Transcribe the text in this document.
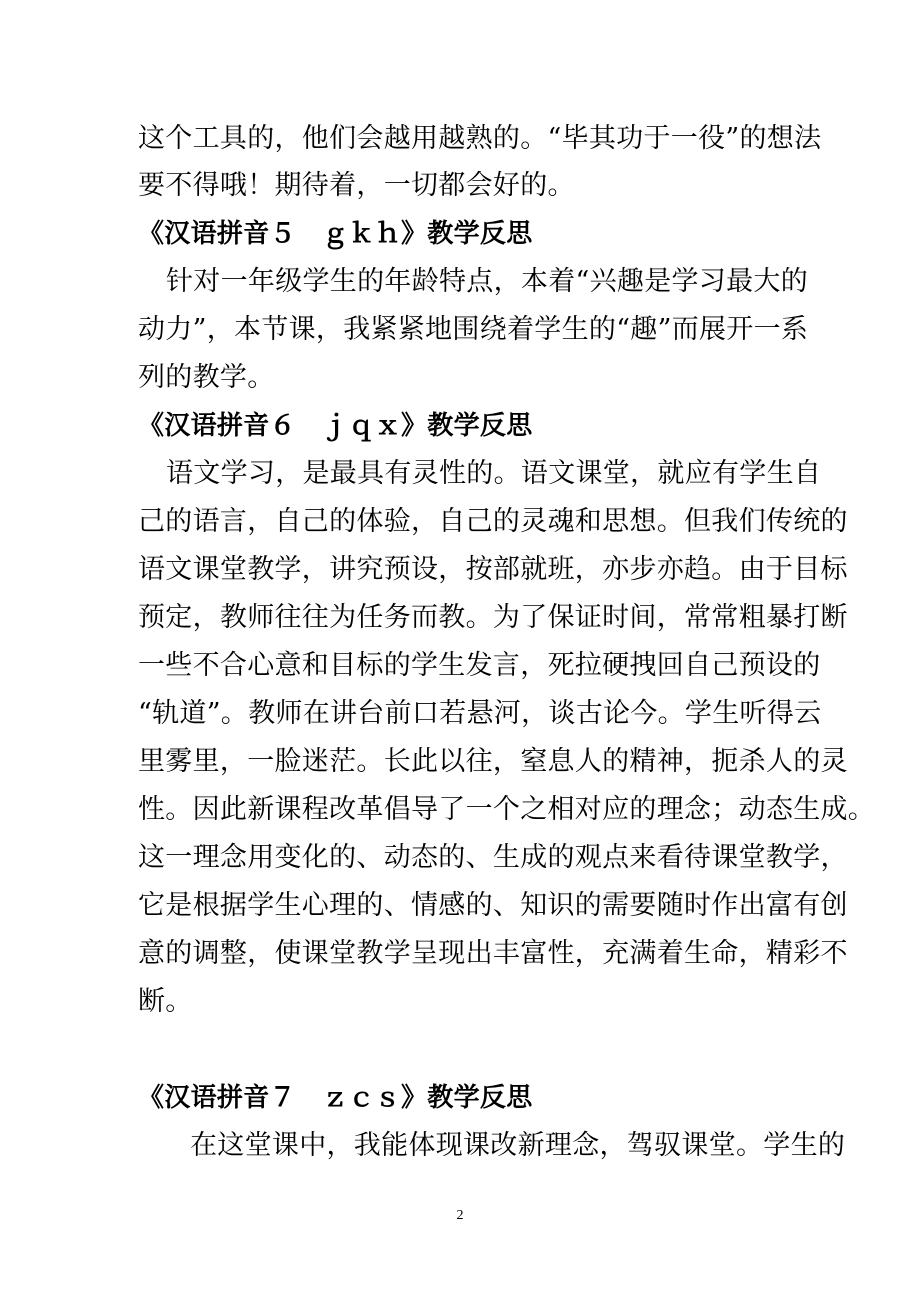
这个工具的，他们会越用越熟的。“毕其功于一役”的想法
要不得哦！期待着，一切都会好的。
《汉语拼音５　ｇｋｈ》教学反思
针对一年级学生的年龄特点，本着“兴趣是学习最大的
动力”，本节课，我紧紧地围绕着学生的“趣”而展开一系
列的教学。
《汉语拼音６　ｊｑｘ》教学反思
语文学习，是最具有灵性的。语文课堂，就应有学生自
己的语言，自己的体验，自己的灵魂和思想。但我们传统的
语文课堂教学，讲究预设，按部就班，亦步亦趋。由于目标
预定，教师往往为任务而教。为了保证时间，常常粗暴打断
一些不合心意和目标的学生发言，死拉硬拽回自己预设的
“轨道”。教师在讲台前口若悬河，谈古论今。学生听得云
里雾里，一脸迷茫。长此以往，窒息人的精神，扼杀人的灵
性。因此新课程改革倡导了一个之相对应的理念；动态生成。
这一理念用变化的、动态的、生成的观点来看待课堂教学，
它是根据学生心理的、情感的、知识的需要随时作出富有创
意的调整，使课堂教学呈现出丰富性，充满着生命，精彩不
断。
《汉语拼音７　ｚｃｓ》教学反思
在这堂课中，我能体现课改新理念，驾驭课堂。学生的
2
